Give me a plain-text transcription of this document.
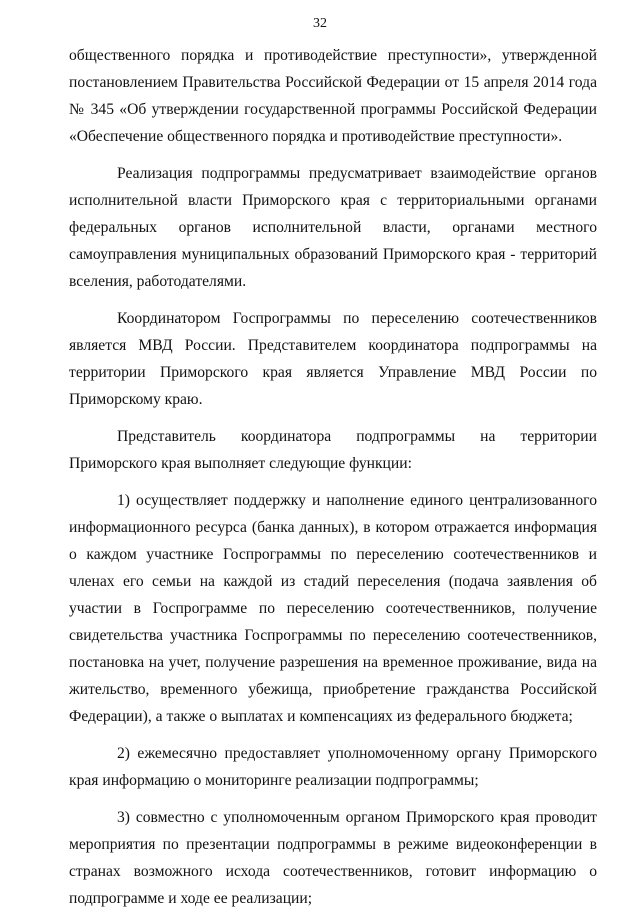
32

общественного порядка и противодействие преступности», утвержденной постановлением Правительства Российской Федерации от 15 апреля 2014 года № 345 «Об утверждении государственной программы Российской Федерации «Обеспечение общественного порядка и противодействие преступности».

Реализация подпрограммы предусматривает взаимодействие органов исполнительной власти Приморского края с территориальными органами федеральных органов исполнительной власти, органами местного самоуправления муниципальных образований Приморского края - территорий вселения, работодателями.

Координатором Госпрограммы по переселению соотечественников является МВД России. Представителем координатора подпрограммы на территории Приморского края является Управление МВД России по Приморскому краю.

Представитель координатора подпрограммы на территории Приморского края выполняет следующие функции:

1) осуществляет поддержку и наполнение единого централизованного информационного ресурса (банка данных), в котором отражается информация о каждом участнике Госпрограммы по переселению соотечественников и членах его семьи на каждой из стадий переселения (подача заявления об участии в Госпрограмме по переселению соотечественников, получение свидетельства участника Госпрограммы по переселению соотечественников, постановка на учет, получение разрешения на временное проживание, вида на жительство, временного убежища, приобретение гражданства Российской Федерации), а также о выплатах и компенсациях из федерального бюджета;

2) ежемесячно предоставляет уполномоченному органу Приморского края информацию о мониторинге реализации подпрограммы;

3) совместно с уполномоченным органом Приморского края проводит мероприятия по презентации подпрограммы в режиме видеоконференции в странах возможного исхода соотечественников, готовит информацию о подпрограмме и ходе ее реализации;
